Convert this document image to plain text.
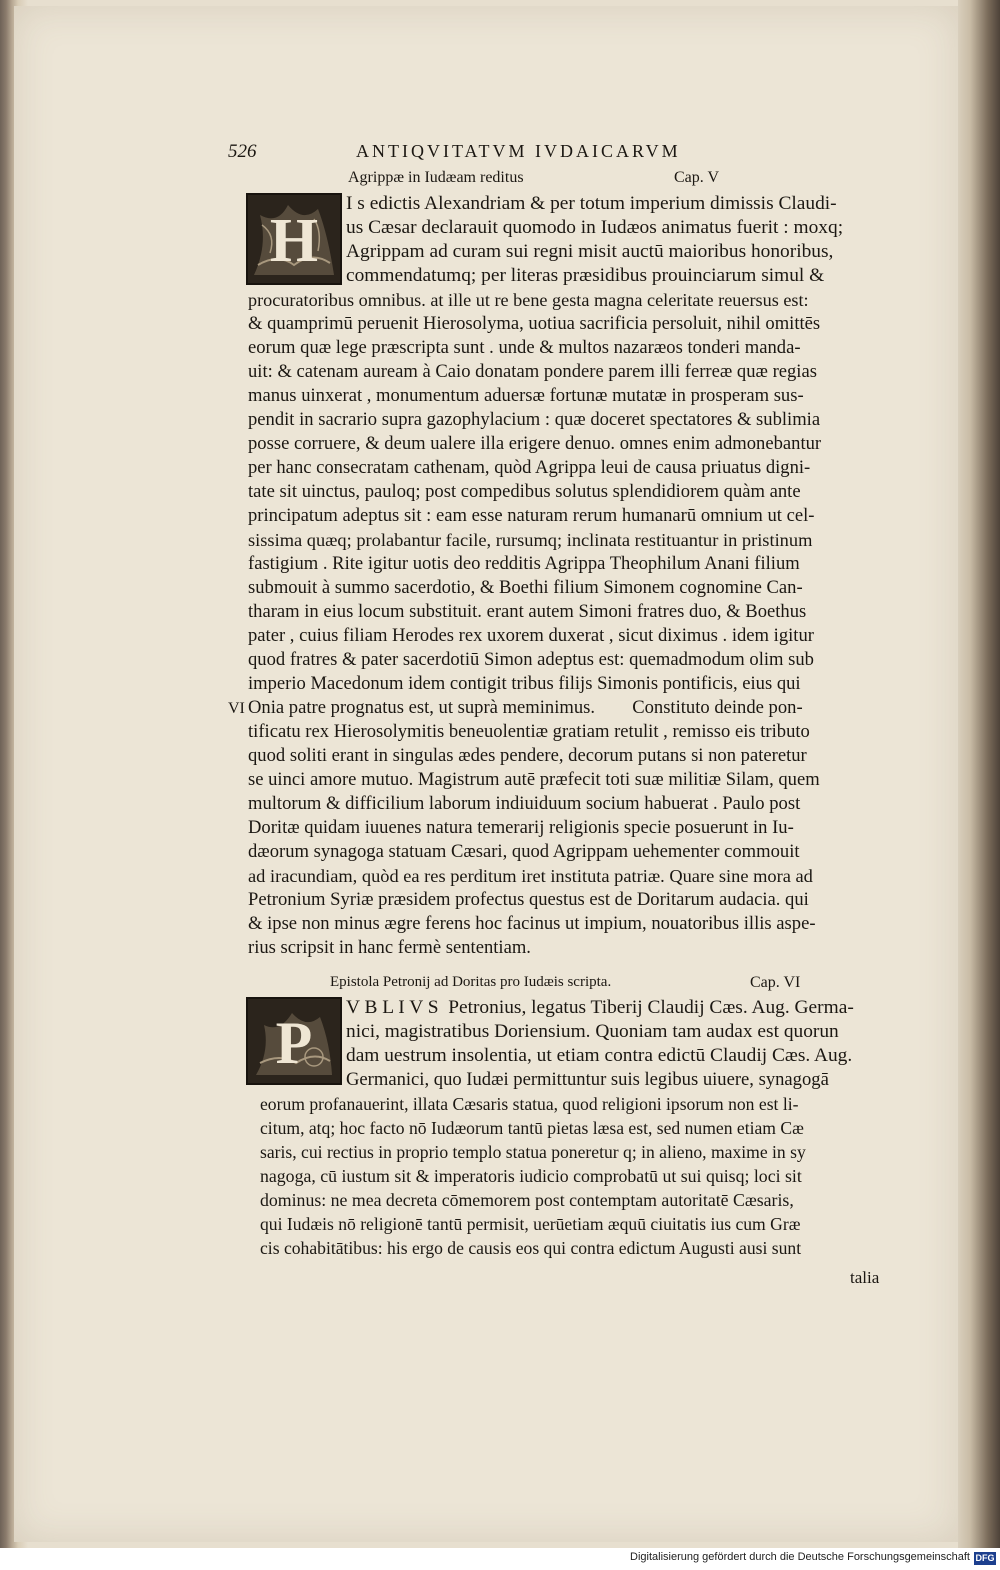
526	ANTIQVITATVM IVDAICARVM
Agrippæ in Iudæam reditus	Cap. V
H
I s edictis Alexandriam & per totum imperium dimissis Claudi-
us Cæsar declarauit quomodo in Iudæos animatus fuerit : moxq;
Agrippam ad curam sui regni misit auctū maioribus honoribus,
commendatumq; per literas præsidibus prouinciarum simul &
procuratoribus omnibus. at ille ut re bene gesta magna celeritate reuersus est:
& quamprimū peruenit Hierosolyma, uotiua sacrificia persoluit, nihil omittēs
eorum quæ lege præscripta sunt . unde & multos nazaræos tonderi manda-
uit: & catenam auream à Caio donatam pondere parem illi ferreæ quæ regias
manus uinxerat , monumentum aduersæ fortunæ mutatæ in prosperam sus-
pendit in sacrario supra gazophylacium : quæ doceret spectatores & sublimia
posse corruere, & deum ualere illa erigere denuo. omnes enim admonebantur
per hanc consecratam cathenam, quòd Agrippa leui de causa priuatus digni-
tate sit uinctus, pauloq; post compedibus solutus splendidiorem quàm ante
principatum adeptus sit : eam esse naturam rerum humanarū omnium ut cel-
sissima quæq; prolabantur facile, rursumq; inclinata restituantur in pristinum
fastigium . Rite igitur uotis deo redditis Agrippa Theophilum Anani filium
submouit à summo sacerdotio, & Boethi filium Simonem cognomine Can-
tharam in eius locum substituit. erant autem Simoni fratres duo, & Boethus
pater , cuius filiam Herodes rex uxorem duxerat , sicut diximus . idem igitur
quod fratres & pater sacerdotiū Simon adeptus est: quemadmodum olim sub
imperio Macedonum idem contigit tribus filijs Simonis pontificis, eius qui
Onia patre prognatus est, ut suprà meminimus.        Constituto deinde pon-
tificatu rex Hierosolymitis beneuolentiæ gratiam retulit , remisso eis tributo
quod soliti erant in singulas ædes pendere, decorum putans si non pateretur
se uinci amore mutuo. Magistrum autē præfecit toti suæ militiæ Silam, quem
multorum & difficilium laborum indiuiduum socium habuerat . Paulo post
Doritæ quidam iuuenes natura temerarij religionis specie posuerunt in Iu-
dæorum synagoga statuam Cæsari, quod Agrippam uehementer commouit
ad iracundiam, quòd ea res perditum iret instituta patriæ. Quare sine mora ad
Petronium Syriæ præsidem profectus questus est de Doritarum audacia. qui
& ipse non minus ægre ferens hoc facinus ut impium, nouatoribus illis aspe-
rius scripsit in hanc fermè sententiam.
VI
Epistola Petronij ad Doritas pro Iudæis scripta.	Cap. VI
P
V B L I V S  Petronius, legatus Tiberij Claudij Cæs. Aug. Germa-
nici, magistratibus Doriensium. Quoniam tam audax est quorun
dam uestrum insolentia, ut etiam contra edictū Claudij Cæs. Aug.
Germanici, quo Iudæi permittuntur suis legibus uiuere, synagogā
eorum profanauerint, illata Cæsaris statua, quod religioni ipsorum non est li-
citum, atq; hoc facto nō Iudæorum tantū pietas læsa est, sed numen etiam Cæ
saris, cui rectius in proprio templo statua poneretur q; in alieno, maxime in sy
nagoga, cū iustum sit & imperatoris iudicio comprobatū ut sui quisq; loci sit
dominus: ne mea decreta cōmemorem post contemptam autoritatē Cæsaris,
qui Iudæis nō religionē tantū permisit, uerūetiam æquū ciuitatis ius cum Græ
cis cohabitātibus: his ergo de causis eos qui contra edictum Augusti ausi sunt
talia
Digitalisierung gefördert durch die Deutsche Forschungsgemeinschaft DFG
